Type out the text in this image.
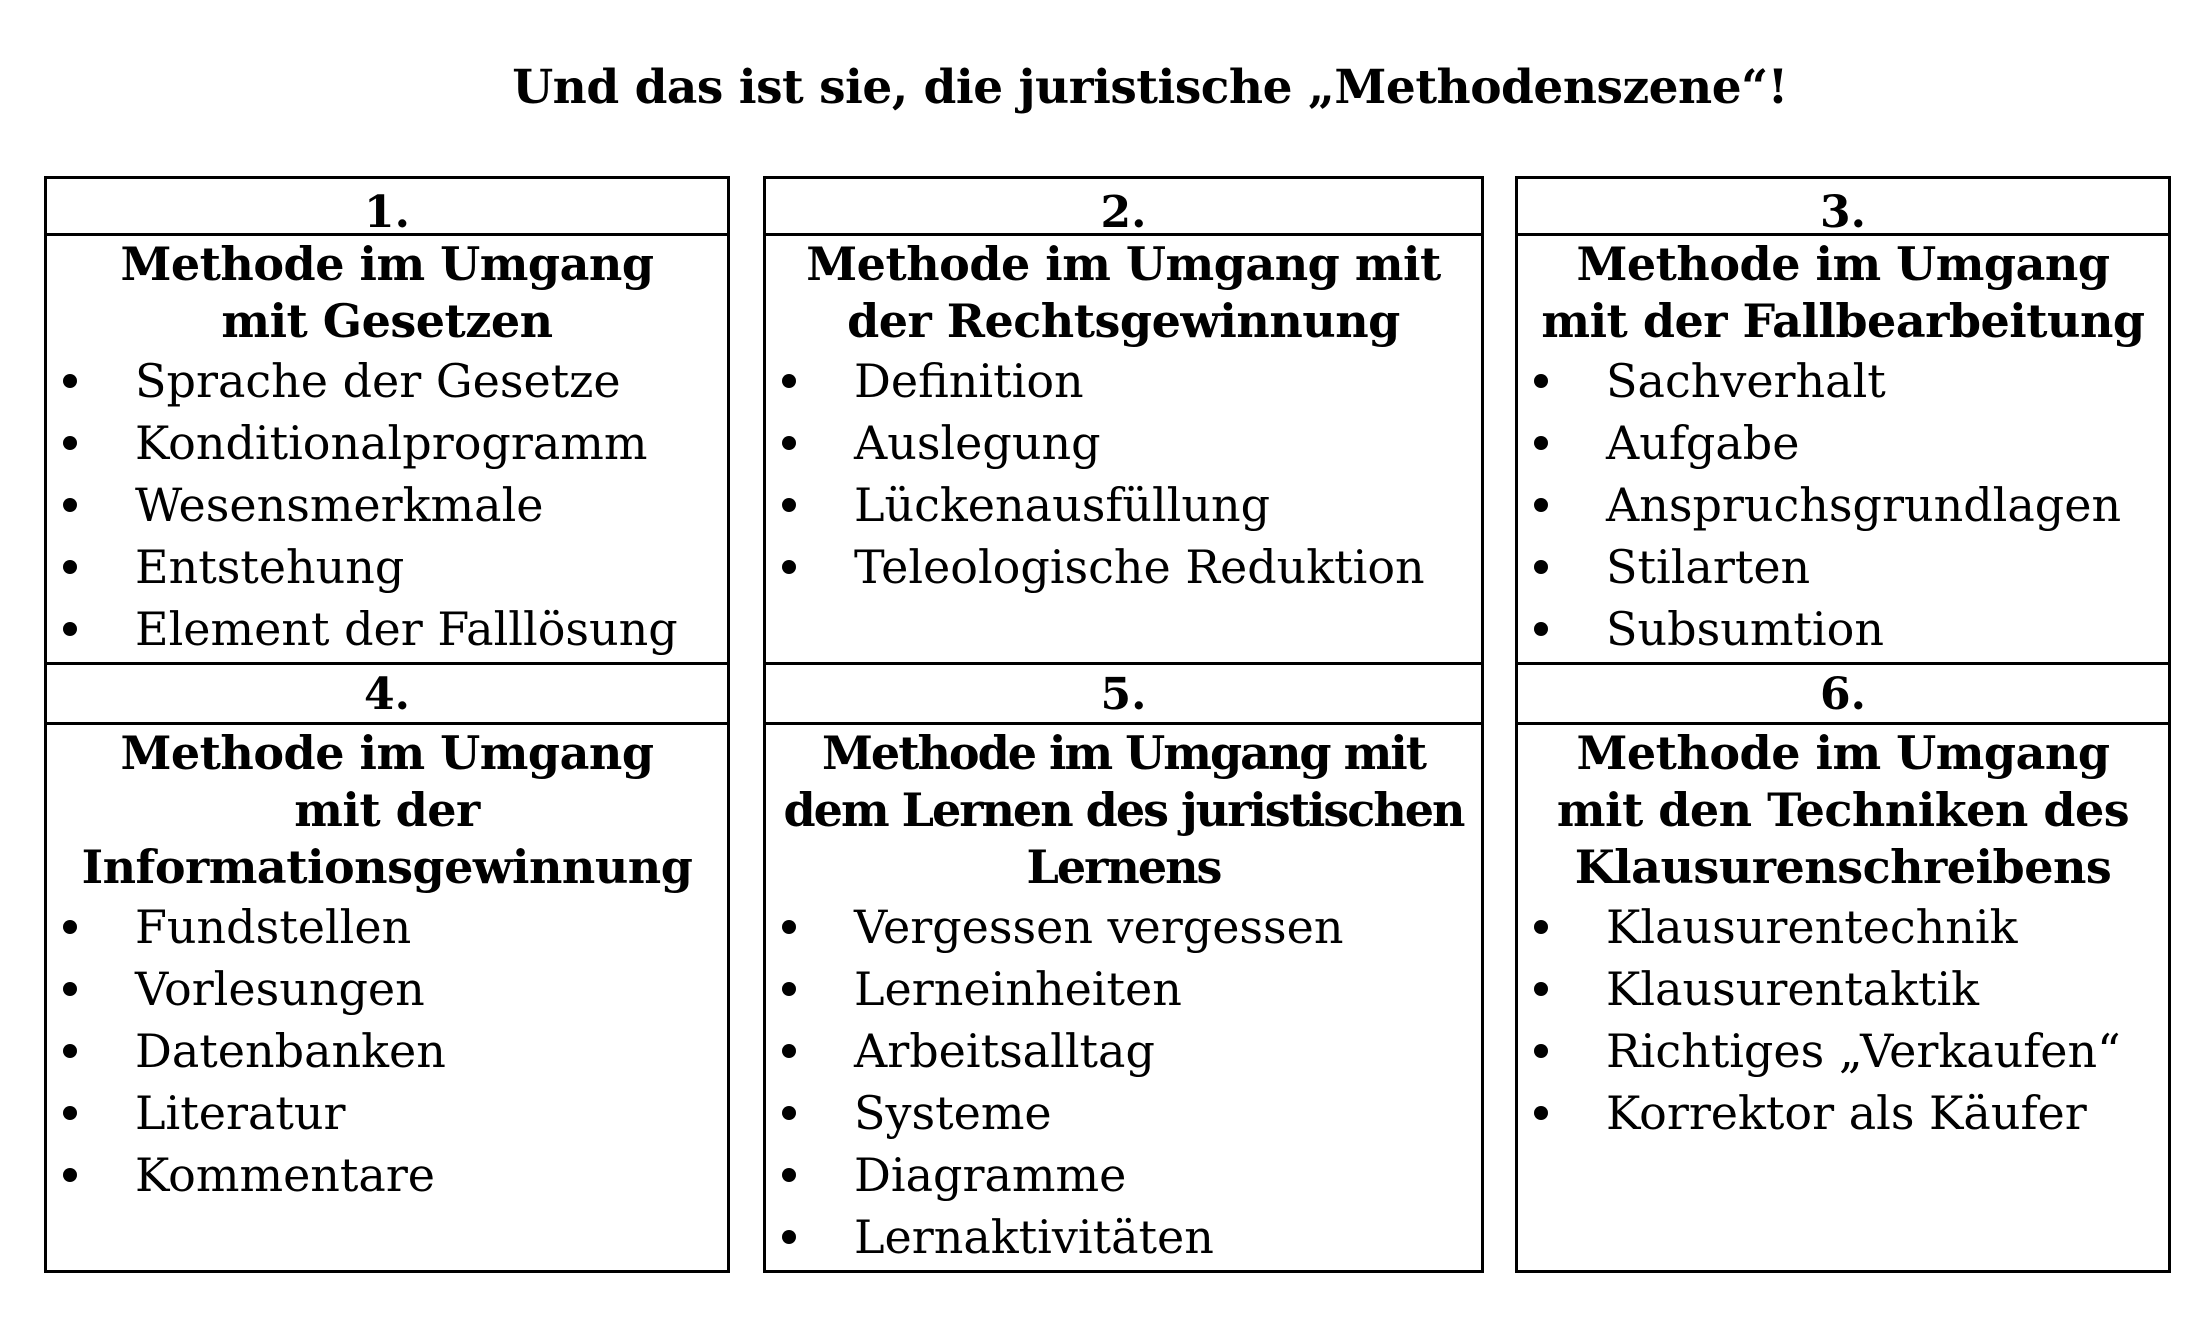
Und das ist sie, die juristische „Methodenszene“!
1.
Methode im Umgang
mit Gesetzen
Sprache der Gesetze
Konditionalprogramm
Wesensmerkmale
Entstehung
Element der Falllösung
2.
Methode im Umgang mit
der Rechtsgewinnung
Definition
Auslegung
Lückenausfüllung
Teleologische Reduktion
3.
Methode im Umgang
mit der Fallbearbeitung
Sachverhalt
Aufgabe
Anspruchsgrundlagen
Stilarten
Subsumtion
4.
Methode im Umgang
mit der
Informationsgewinnung
Fundstellen
Vorlesungen
Datenbanken
Literatur
Kommentare
5.
Methode im Umgang mit
dem Lernen des juristischen
Lernens
Vergessen vergessen
Lerneinheiten
Arbeitsalltag
Systeme
Diagramme
Lernaktivitäten
6.
Methode im Umgang
mit den Techniken des
Klausurenschreibens
Klausurentechnik
Klausurentaktik
Richtiges „Verkaufen“
Korrektor als Käufer
